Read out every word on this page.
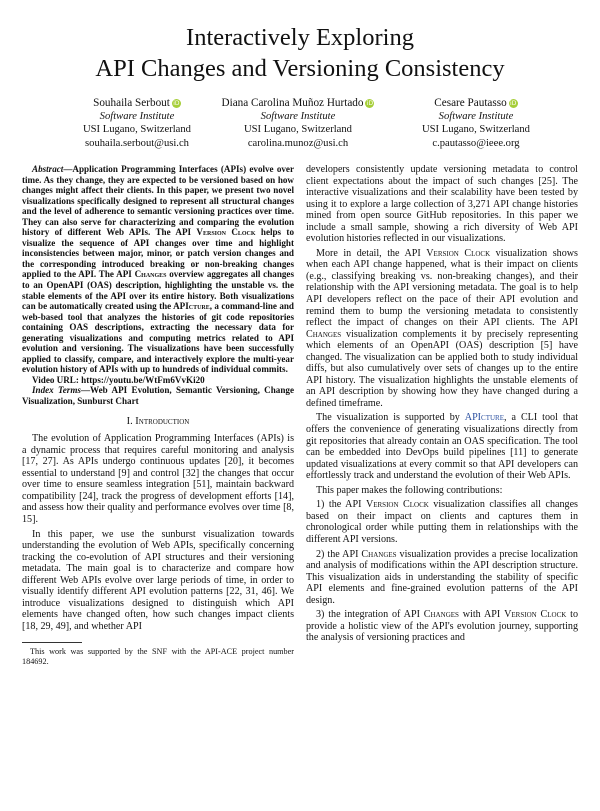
Interactively Exploring
API Changes and Versioning Consistency
Souhaila Serbout iD
Software Institute
USI Lugano, Switzerland
souhaila.serbout@usi.ch
Diana Carolina Muñoz Hurtado iD
Software Institute
USI Lugano, Switzerland
carolina.munoz@usi.ch
Cesare Pautasso iD
Software Institute
USI Lugano, Switzerland
c.pautasso@ieee.org

Abstract—Application Programming Interfaces (APIs) evolve over time. As they change, they are expected to be versioned based on how changes might affect their clients. In this paper, we present two novel visualizations specifically designed to represent all structural changes and the level of adherence to semantic versioning practices over time. They can also serve for characterizing and comparing the evolution history of different Web APIs. The API Version Clock helps to visualize the sequence of API changes over time and highlight inconsistencies between major, minor, or patch version changes and the corresponding introduced breaking or non-breaking changes applied to the API. The API Changes overview aggregates all changes to an OpenAPI (OAS) description, highlighting the unstable vs. the stable elements of the API over its entire history. Both visualizations can be automatically created using the APIcture, a command-line and web-based tool that analyzes the histories of git code repositories containing OAS descriptions, extracting the necessary data for generating visualizations and computing metrics related to API evolution and versioning. The visualizations have been successfully applied to classify, compare, and interactively explore the multi-year evolution history of APIs with up to hundreds of individual commits.

Video URL: https://youtu.be/WtFm6VvKi20

Index Terms—Web API Evolution, Semantic Versioning, Change Visualization, Sunburst Chart

I. Introduction

The evolution of Application Programming Interfaces (APIs) is a dynamic process that requires careful monitoring and analysis [17, 27]. As APIs undergo continuous updates [20], it becomes essential to understand [9] and control [32] the changes that occur over time to ensure seamless integration [51], maintain backward compatibility [24], track the progress of development efforts [14], and assess how their quality and performance evolves over time [8, 15].

In this paper, we use the sunburst visualization towards understanding the evolution of Web APIs, specifically concerning tracking the co-evolution of API structures and their versioning metadata. The main goal is to characterize and compare how different Web APIs evolve over large periods of time, in order to visually identify different API evolution patterns [22, 31, 46]. We introduce visualizations designed to distinguish which API elements have changed often, how such changes impact clients [18, 29, 49], and whether API

This work was supported by the SNF with the API-ACE project number 184692.

developers consistently update versioning metadata to control client expectations about the impact of such changes [25]. The interactive visualizations and their scalability have been tested by using it to explore a large collection of 3,271 API change histories mined from open source GitHub repositories. In this paper we include a small sample, showing a rich diversity of Web API evolution histories reflected in our visualizations.

More in detail, the API Version Clock visualization shows when each API change happened, what is their impact on clients (e.g., classifying breaking vs. non-breaking changes), and their relationship with the API versioning metadata. The goal is to help API developers reflect on the pace of their API evolution and remind them to bump the versioning metadata to consistently reflect the impact of changes on their API clients. The API Changes visualization complements it by precisely representing which elements of an OpenAPI (OAS) description [5] have changed. The visualization can be applied both to study individual diffs, but also cumulatively over sets of changes up to the entire API history. The visualization highlights the unstable elements of an API description by showing how they have changed during a defined timeframe.

The visualization is supported by APIcture, a CLI tool that offers the convenience of generating visualizations directly from git repositories that already contain an OAS specification. The tool can be embedded into DevOps build pipelines [11] to generate updated visualizations at every commit so that API developers can effortlessly track and understand the evolution of their Web APIs.

This paper makes the following contributions:

1) the API Version Clock visualization classifies all changes based on their impact on clients and captures them in chronological order while putting them in relationships with the different API versions.

2) the API Changes visualization provides a precise localization and analysis of modifications within the API description structure. This visualization aids in understanding the stability of specific API elements and fine-grained evolution patterns of the API design.

3) the integration of API Changes with API Version Clock to provide a holistic view of the API's evolution journey, supporting the analysis of versioning practices and
